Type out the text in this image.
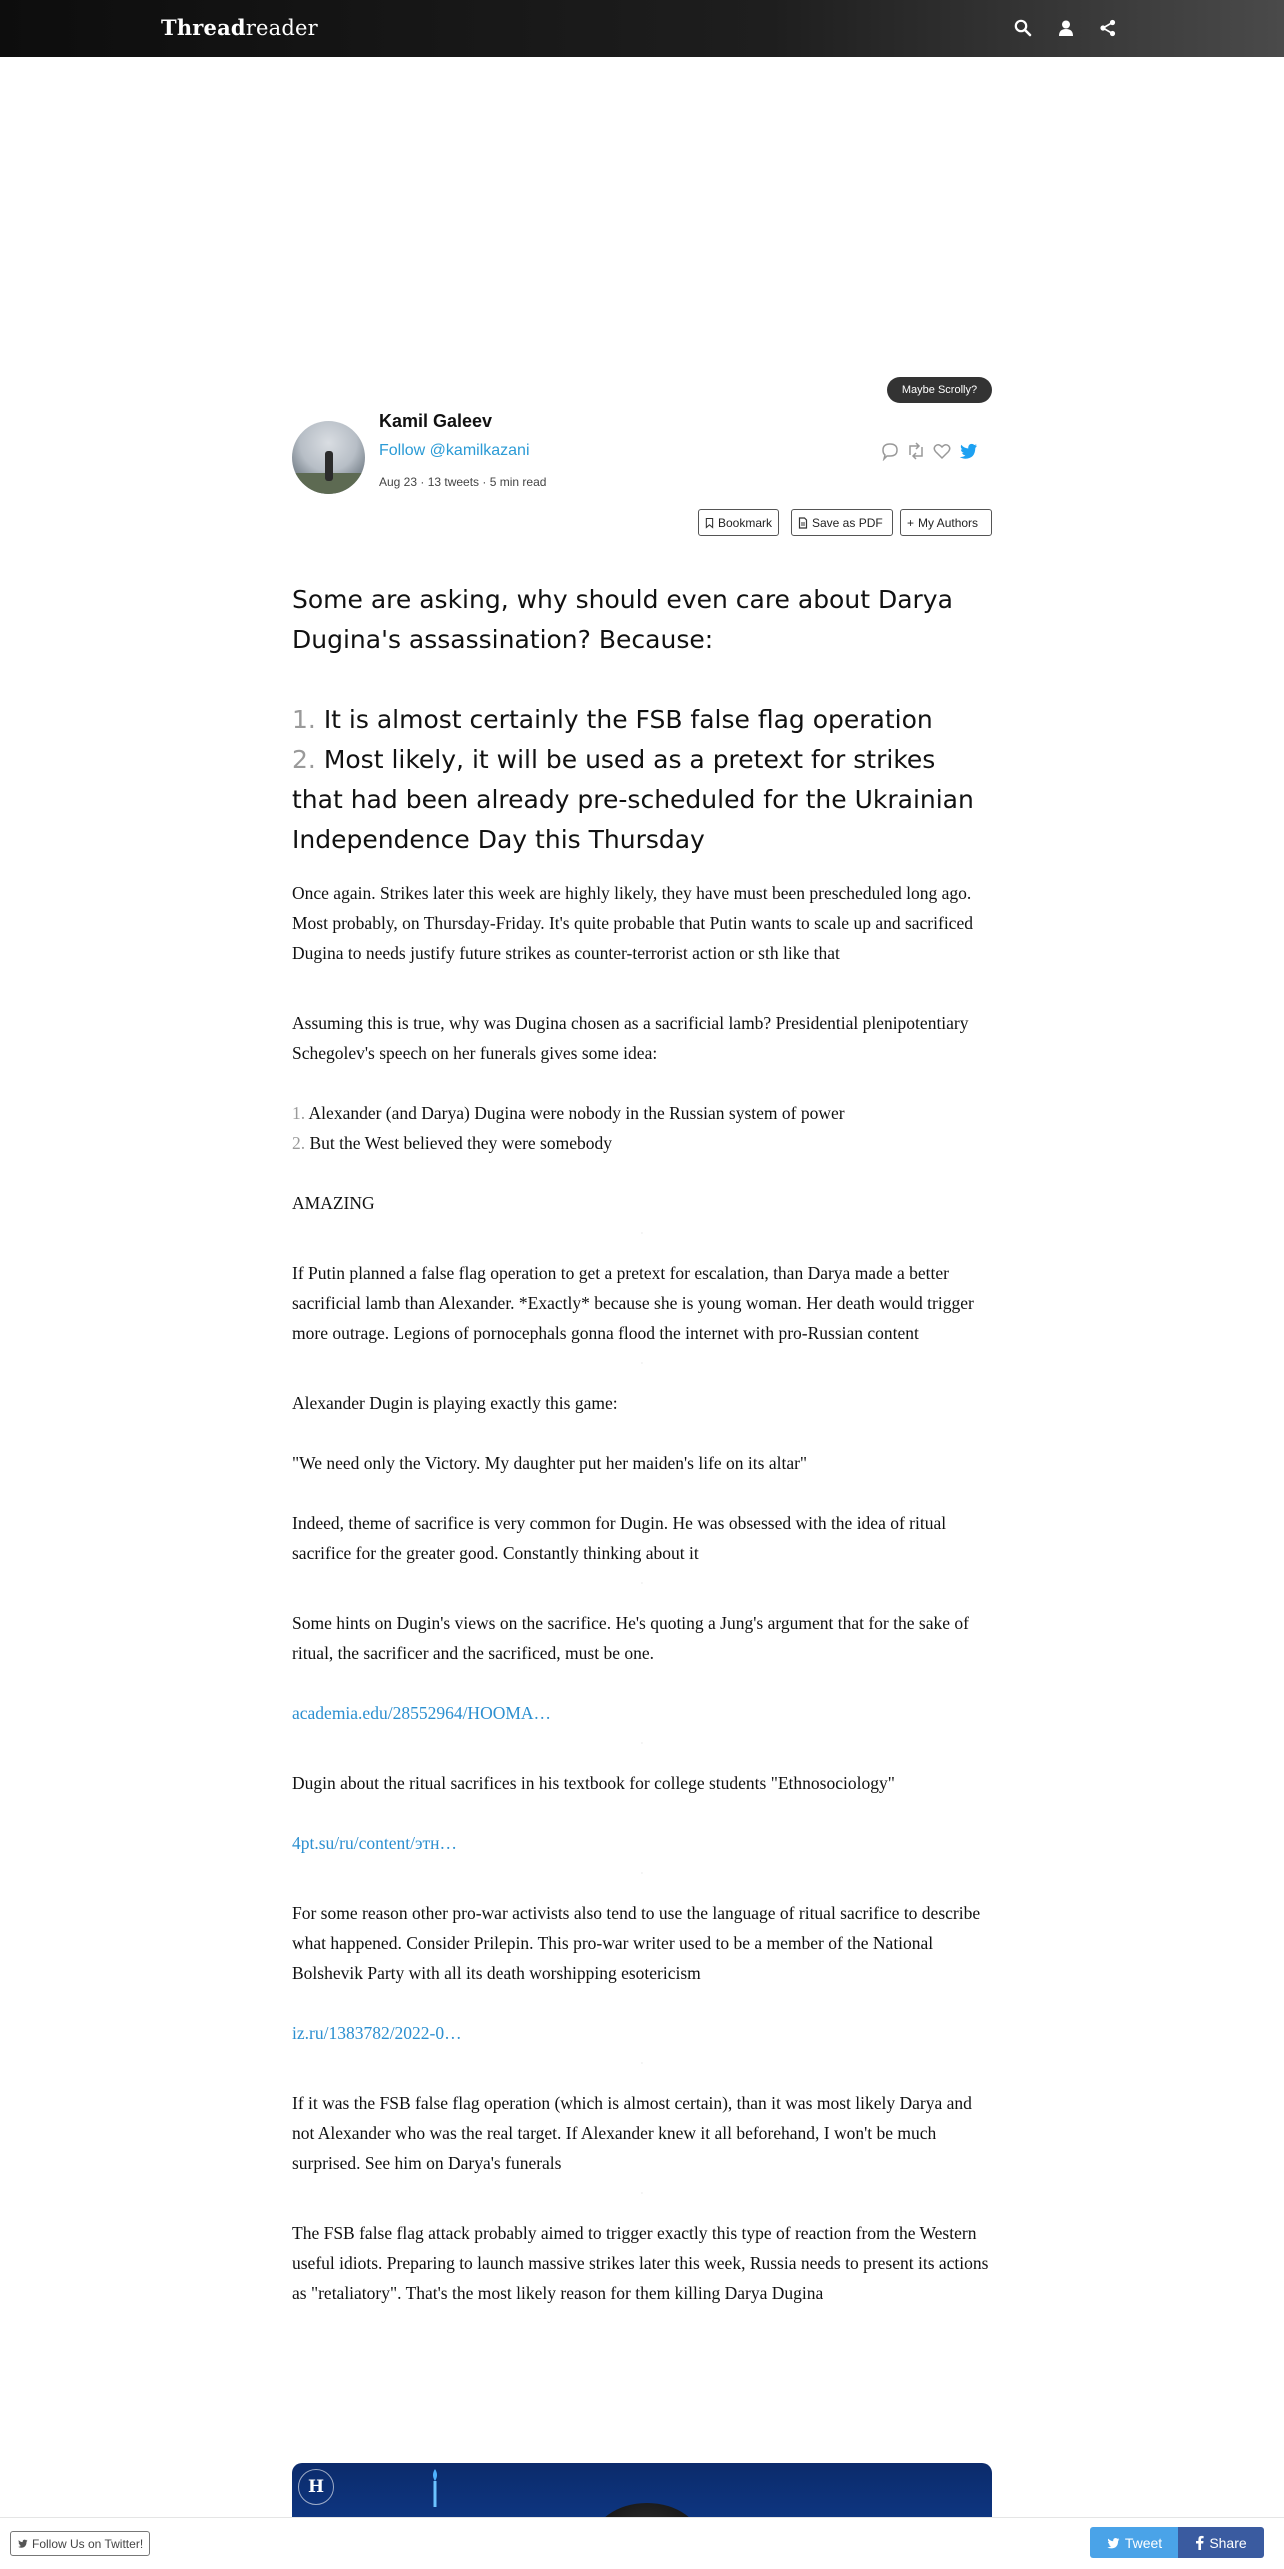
Threadreader
Maybe Scrolly?
Kamil Galeev
Follow @kamilkazani
Aug 23 · 13 tweets · 5 min read
Bookmark	Save as PDF + My Authors

Some are asking, why should even care about Darya Dugina's assassination? Because:

1. It is almost certainly the FSB false flag operation

2. Most likely, it will be used as a pretext for strikes that had been already pre-scheduled for the Ukrainian Independence Day this Thursday

Once again. Strikes later this week are highly likely, they have must been prescheduled long ago. Most probably, on Thursday-Friday. It's quite probable that Putin wants to scale up and sacrificed Dugina to needs justify future strikes as counter-terrorist action or sth like that

Assuming this is true, why was Dugina chosen as a sacrificial lamb? Presidential plenipotentiary Schegolev's speech on her funerals gives some idea:

1. Alexander (and Darya) Dugina were nobody in the Russian system of power

2. But the West believed they were somebody

AMAZING

·

If Putin planned a false flag operation to get a pretext for escalation, than Darya made a better sacrificial lamb than Alexander. *Exactly* because she is young woman. Her death would trigger more outrage. Legions of pornocephals gonna flood the internet with pro-Russian content

·

Alexander Dugin is playing exactly this game:

"We need only the Victory. My daughter put her maiden's life on its altar"

Indeed, theme of sacrifice is very common for Dugin. He was obsessed with the idea of ritual sacrifice for the greater good. Constantly thinking about it

·

Some hints on Dugin's views on the sacrifice. He's quoting a Jung's argument that for the sake of ritual, the sacrificer and the sacrificed, must be one.

academia.edu/28552964/HOOMA…

·

Dugin about the ritual sacrifices in his textbook for college students "Ethnosociology"

4pt.su/ru/content/этн…

·

For some reason other pro-war activists also tend to use the language of ritual sacrifice to describe what happened. Consider Prilepin. This pro-war writer used to be a member of the National Bolshevik Party with all its death worshipping esotericism

iz.ru/1383782/2022-0…

·

If it was the FSB false flag operation (which is almost certain), than it was most likely Darya and not Alexander who was the real target. If Alexander knew it all beforehand, I won't be much surprised. See him on Darya's funerals

·

The FSB false flag attack probably aimed to trigger exactly this type of reaction from the Western useful idiots. Preparing to launch massive strikes later this week, Russia needs to present its actions as "retaliatory". That's the most likely reason for them killing Darya Dugina

H
Follow Us on Twitter!	Tweet	Share
